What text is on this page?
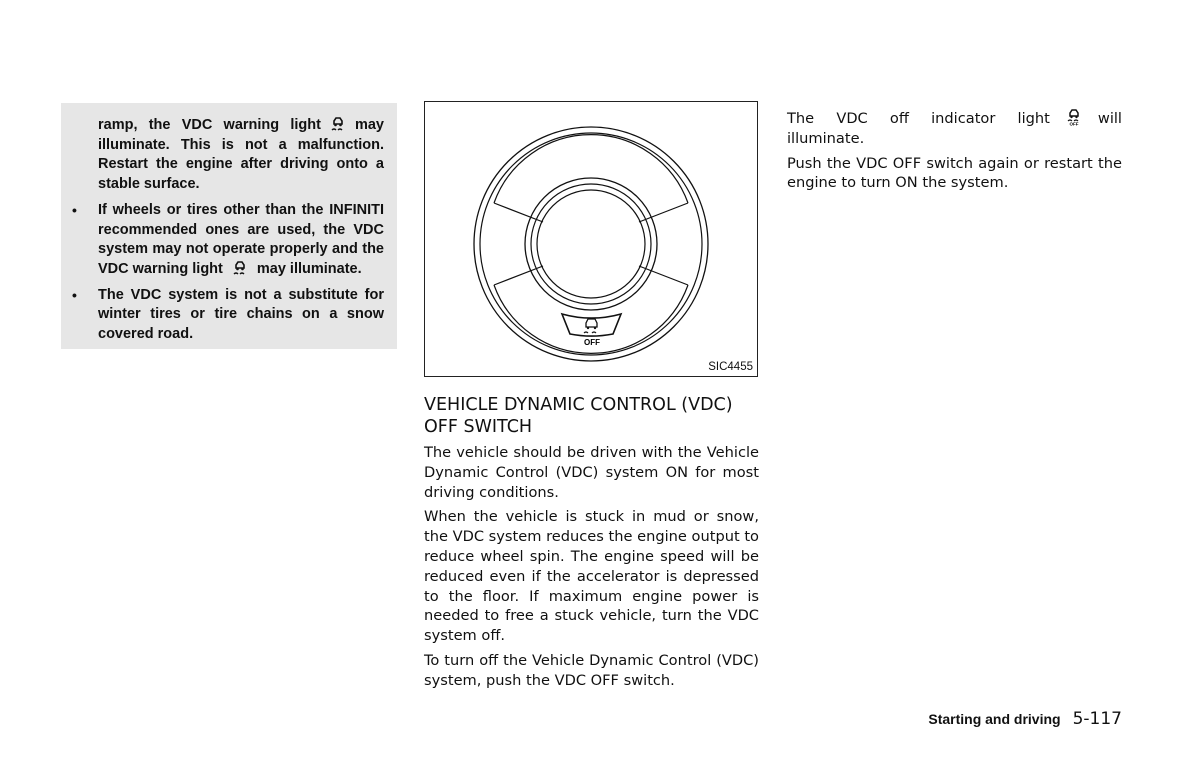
ramp, the VDC warning light may illuminate. This is not a malfunction. Restart the engine after driving onto a stable surface.

• If wheels or tires other than the INFINITI recommended ones are used, the VDC system may not operate properly and the VDC warning light may illuminate.

• The VDC system is not a substitute for winter tires or tire chains on a snow covered road.

OFF
SIC4455
VEHICLE DYNAMIC CONTROL (VDC) OFF SWITCH

The vehicle should be driven with the Vehicle Dynamic Control (VDC) system ON for most driving conditions.

When the vehicle is stuck in mud or snow, the VDC system reduces the engine output to reduce wheel spin. The engine speed will be reduced even if the accelerator is depressed to the floor. If maximum engine power is needed to free a stuck vehicle, turn the VDC system off.

To turn off the Vehicle Dynamic Control (VDC) system, push the VDC OFF switch.

The VDC off indicator light	OFF will illuminate.

Push the VDC OFF switch again or restart the engine to turn ON the system.

Starting and driving 5-117
